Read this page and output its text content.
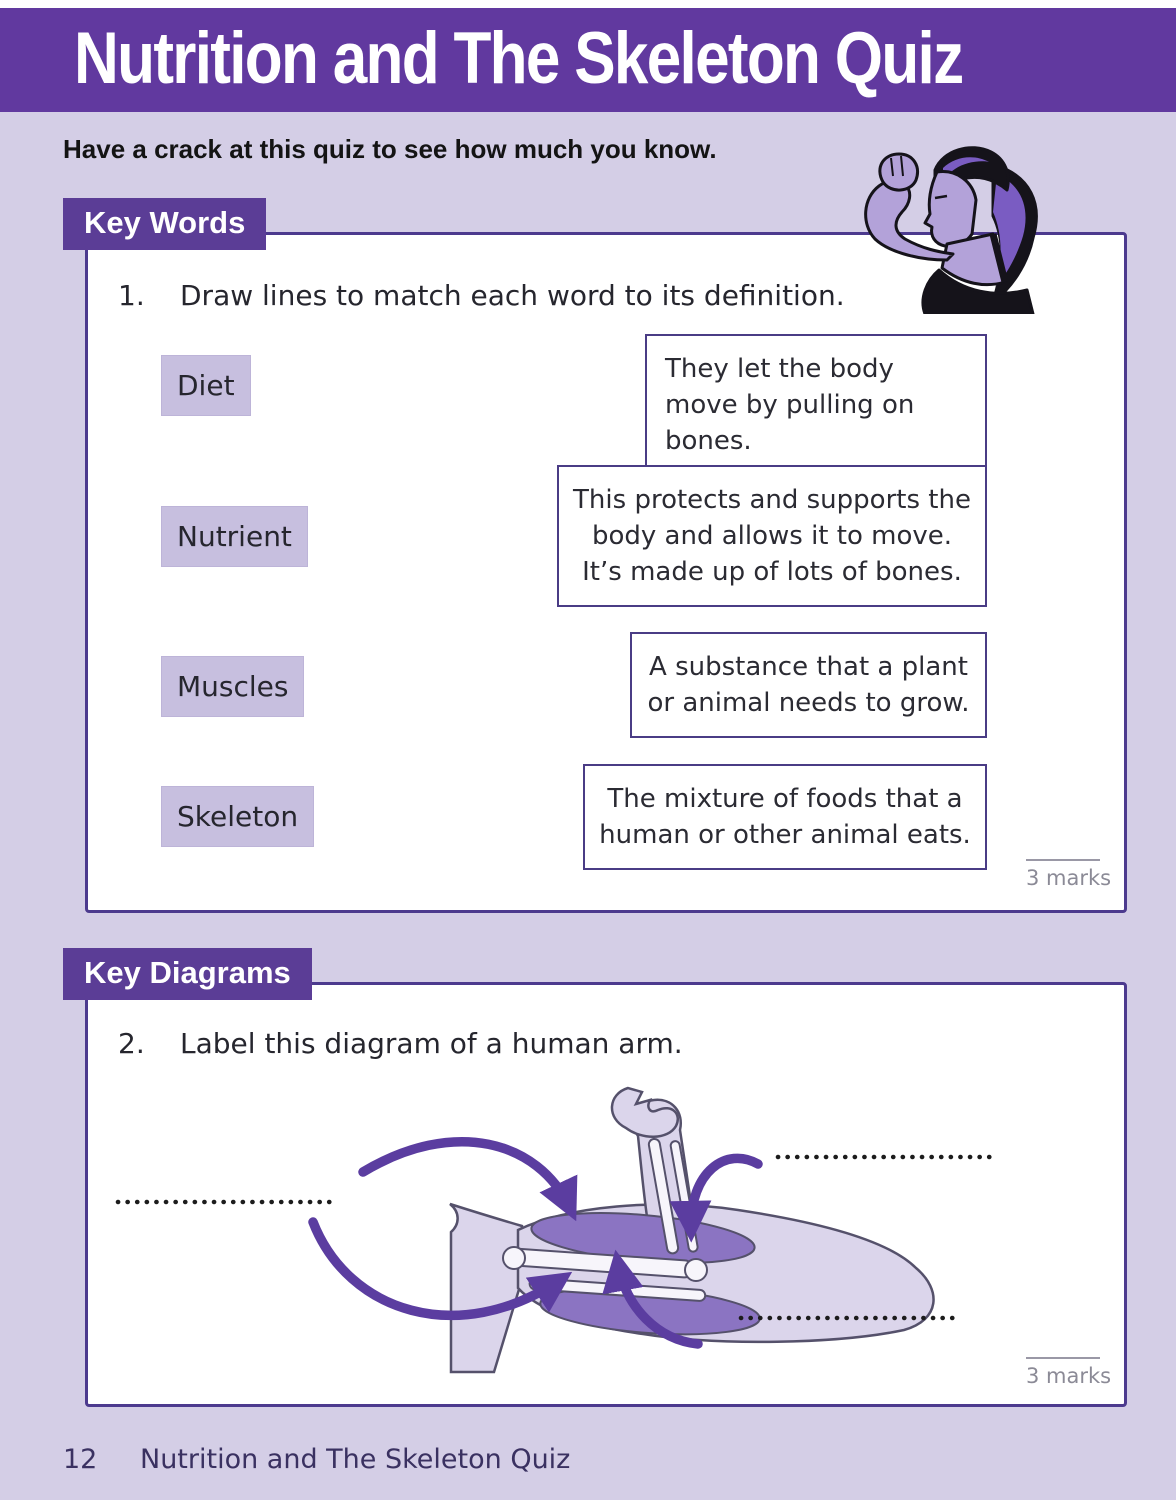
Nutrition and The Skeleton Quiz
Have a crack at this quiz to see how much you know.
Key Words
1. Draw lines to match each word to its definition.
Diet
Nutrient
Muscles
Skeleton
They let the body move by pulling on bones.
This protects and supports the body and allows it to move. It’s made up of lots of bones.
A substance that a plant or animal needs to grow.
The mixture of foods that a human or other animal eats.
3 marks
Key Diagrams
2. Label this diagram of a human arm.
3 marks
12 Nutrition and The Skeleton Quiz
